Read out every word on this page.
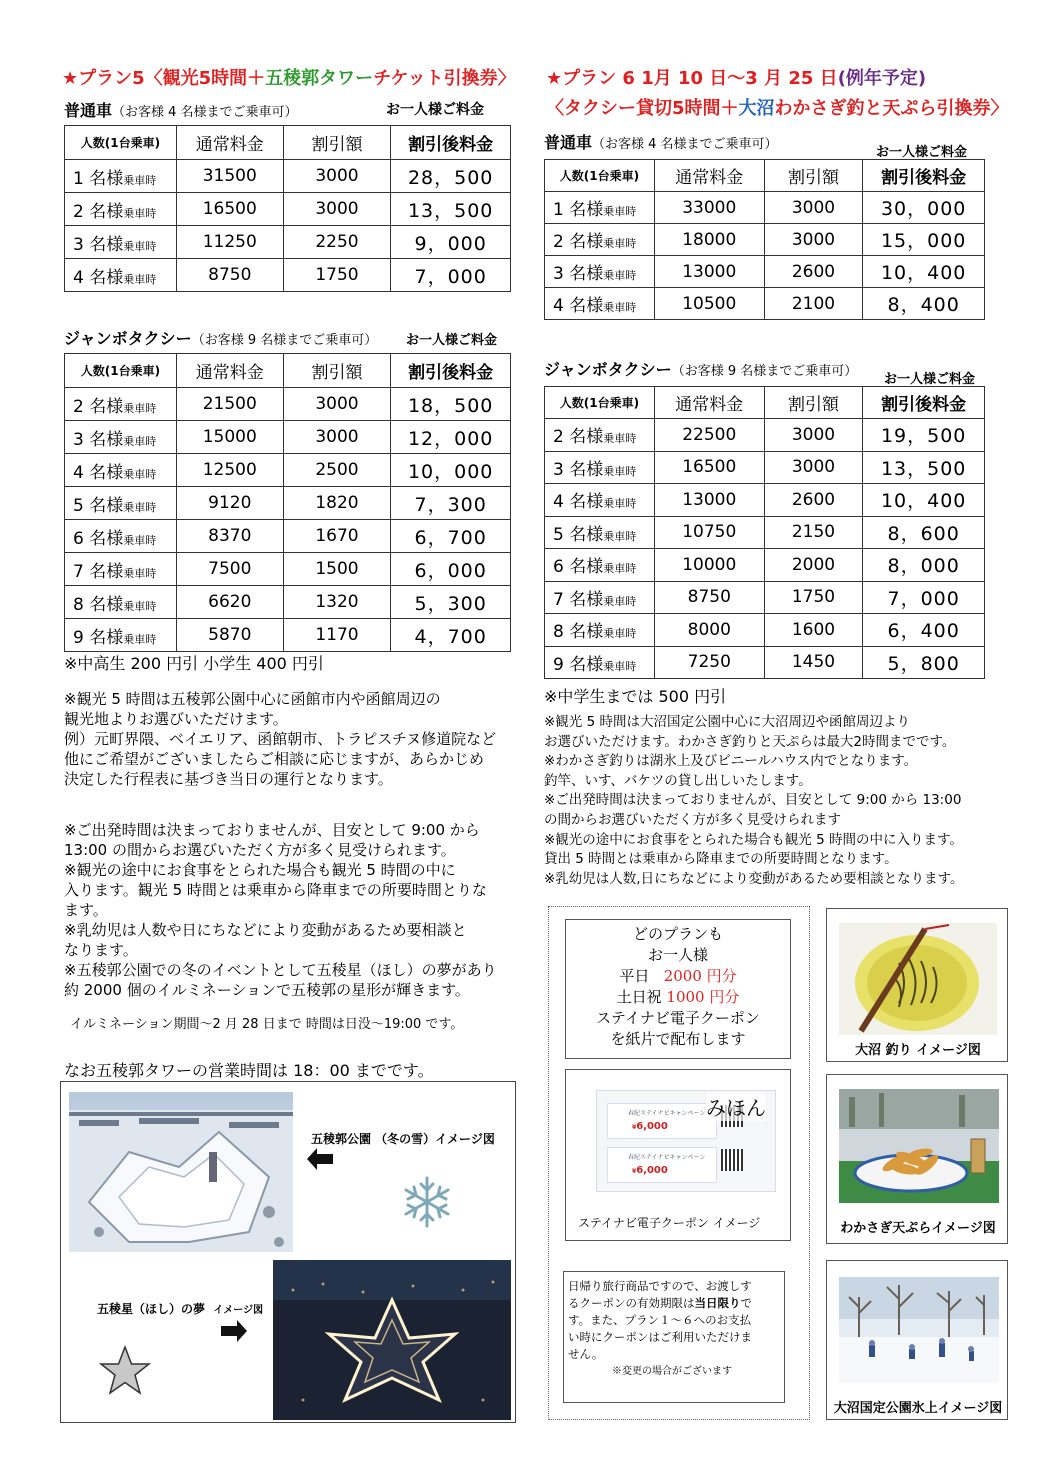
★プラン5〈観光5時間＋五稜郭タワーチケット引換券〉
普通車（お客様 4 名様までご乗車可）	お一人様ご料金
人数(1台乗車)	通常料金	割引額	割引後料金
1 名様乗車時	31500	3000	28，500
2 名様乗車時	16500	3000	13，500
3 名様乗車時	11250	2250	9，000
4 名様乗車時	8750	1750	7，000
ジャンボタクシー（お客様 9 名様までご乗車可） お一人様ご料金
人数(1台乗車)	通常料金	割引額	割引後料金
2 名様乗車時	21500	3000	18，500
3 名様乗車時	15000	3000	12，000
4 名様乗車時	12500	2500	10，000
5 名様乗車時	9120	1820	7，300
6 名様乗車時	8370	1670	6，700
7 名様乗車時	7500	1500	6，000
8 名様乗車時	6620	1320	5，300
9 名様乗車時	5870	1170	4，700
※中高生 200 円引 小学生 400 円引

※観光 5 時間は五稜郭公園中心に函館市内や函館周辺の

観光地よりお選びいただけます。

例）元町界隈、ベイエリア、函館朝市、トラピスチヌ修道院など

他にご希望がございましたらご相談に応じますが、あらかじめ

決定した行程表に基づき当日の運行となります。

※ご出発時間は決まっておりませんが、目安として 9:00 から

13:00 の間からお選びいただく方が多く見受けられます。

※観光の途中にお食事をとられた場合も観光 5 時間の中に

入ります。観光 5 時間とは乗車から降車までの所要時間とりな

ます。

※乳幼児は人数や日にちなどにより変動があるため要相談と

なります。

※五稜郭公園での冬のイベントとして五稜星（ほし）の夢があり

約 2000 個のイルミネーションで五稜郭の星形が輝きます。

イルミネーション期間～2 月 28 日まで 時間は日没～19:00 です。
なお五稜郭タワーの営業時間は 18：00 までです。
五稜郭公園 （冬の雪）イメージ図
五稜星（ほし）の夢 イメージ図
★プラン 6 1月 10 日～3 月 25 日(例年予定)
〈タクシー貸切5時間＋大沼わかさぎ釣と天ぷら引換券〉
普通車（お客様 4 名様までご乗車可）
お一人様ご料金
人数(1台乗車)	通常料金	割引額	割引後料金
1 名様乗車時	33000	3000	30，000
2 名様乗車時	18000	3000	15，000
3 名様乗車時	13000	2600	10，400
4 名様乗車時	10500	2100	8，400
ジャンボタクシー（お客様 9 名様までご乗車可）
お一人様ご料金
人数(1台乗車)	通常料金	割引額	割引後料金
2 名様乗車時	22500	3000	19，500
3 名様乗車時	16500	3000	13，500
4 名様乗車時	13000	2600	10，400
5 名様乗車時	10750	2150	8，600
6 名様乗車時	10000	2000	8，000
7 名様乗車時	8750	1750	7，000
8 名様乗車時	8000	1600	6，400
9 名様乗車時	7250	1450	5，800
※中学生までは 500 円引

※観光 5 時間は大沼国定公園中心に大沼周辺や函館周辺より

お選びいただけます。わかさぎ釣りと天ぷらは最大2時間までです。

※わかさぎ釣りは湖氷上及びビニールハウス内でとなります。

釣竿、いす、バケツの貸し出しいたします。

※ご出発時間は決まっておりませんが、目安として 9:00 から 13:00

の間からお選びいただく方が多く見受けられます

※観光の途中にお食事をとられた場合も観光 5 時間の中に入ります。

貸出 5 時間とは乗車から降車までの所要時間となります。

※乳幼児は人数,日にちなどにより変動があるため要相談となります。

どのプランも
お一人様
平日 2000 円分
土日祝 1000 円分
ステイナビ電子クーポン
を紙片で配布します
春紀ステイナビキャンペーン
¥6,000
春紀ステイナビキャンペーン
¥6,000
みほん
ステイナビ電子クーポン イメージ
日帰り旅行商品ですので、お渡しす
るクーポンの有効期限は当日限りで
す。また、プラン１～６へのお支払
い時にクーポンはご利用いただけま
せん。
※変更の場合がございます
大沼 釣り イメージ図
わかさぎ天ぷらイメージ図
大沼国定公園氷上イメージ図
